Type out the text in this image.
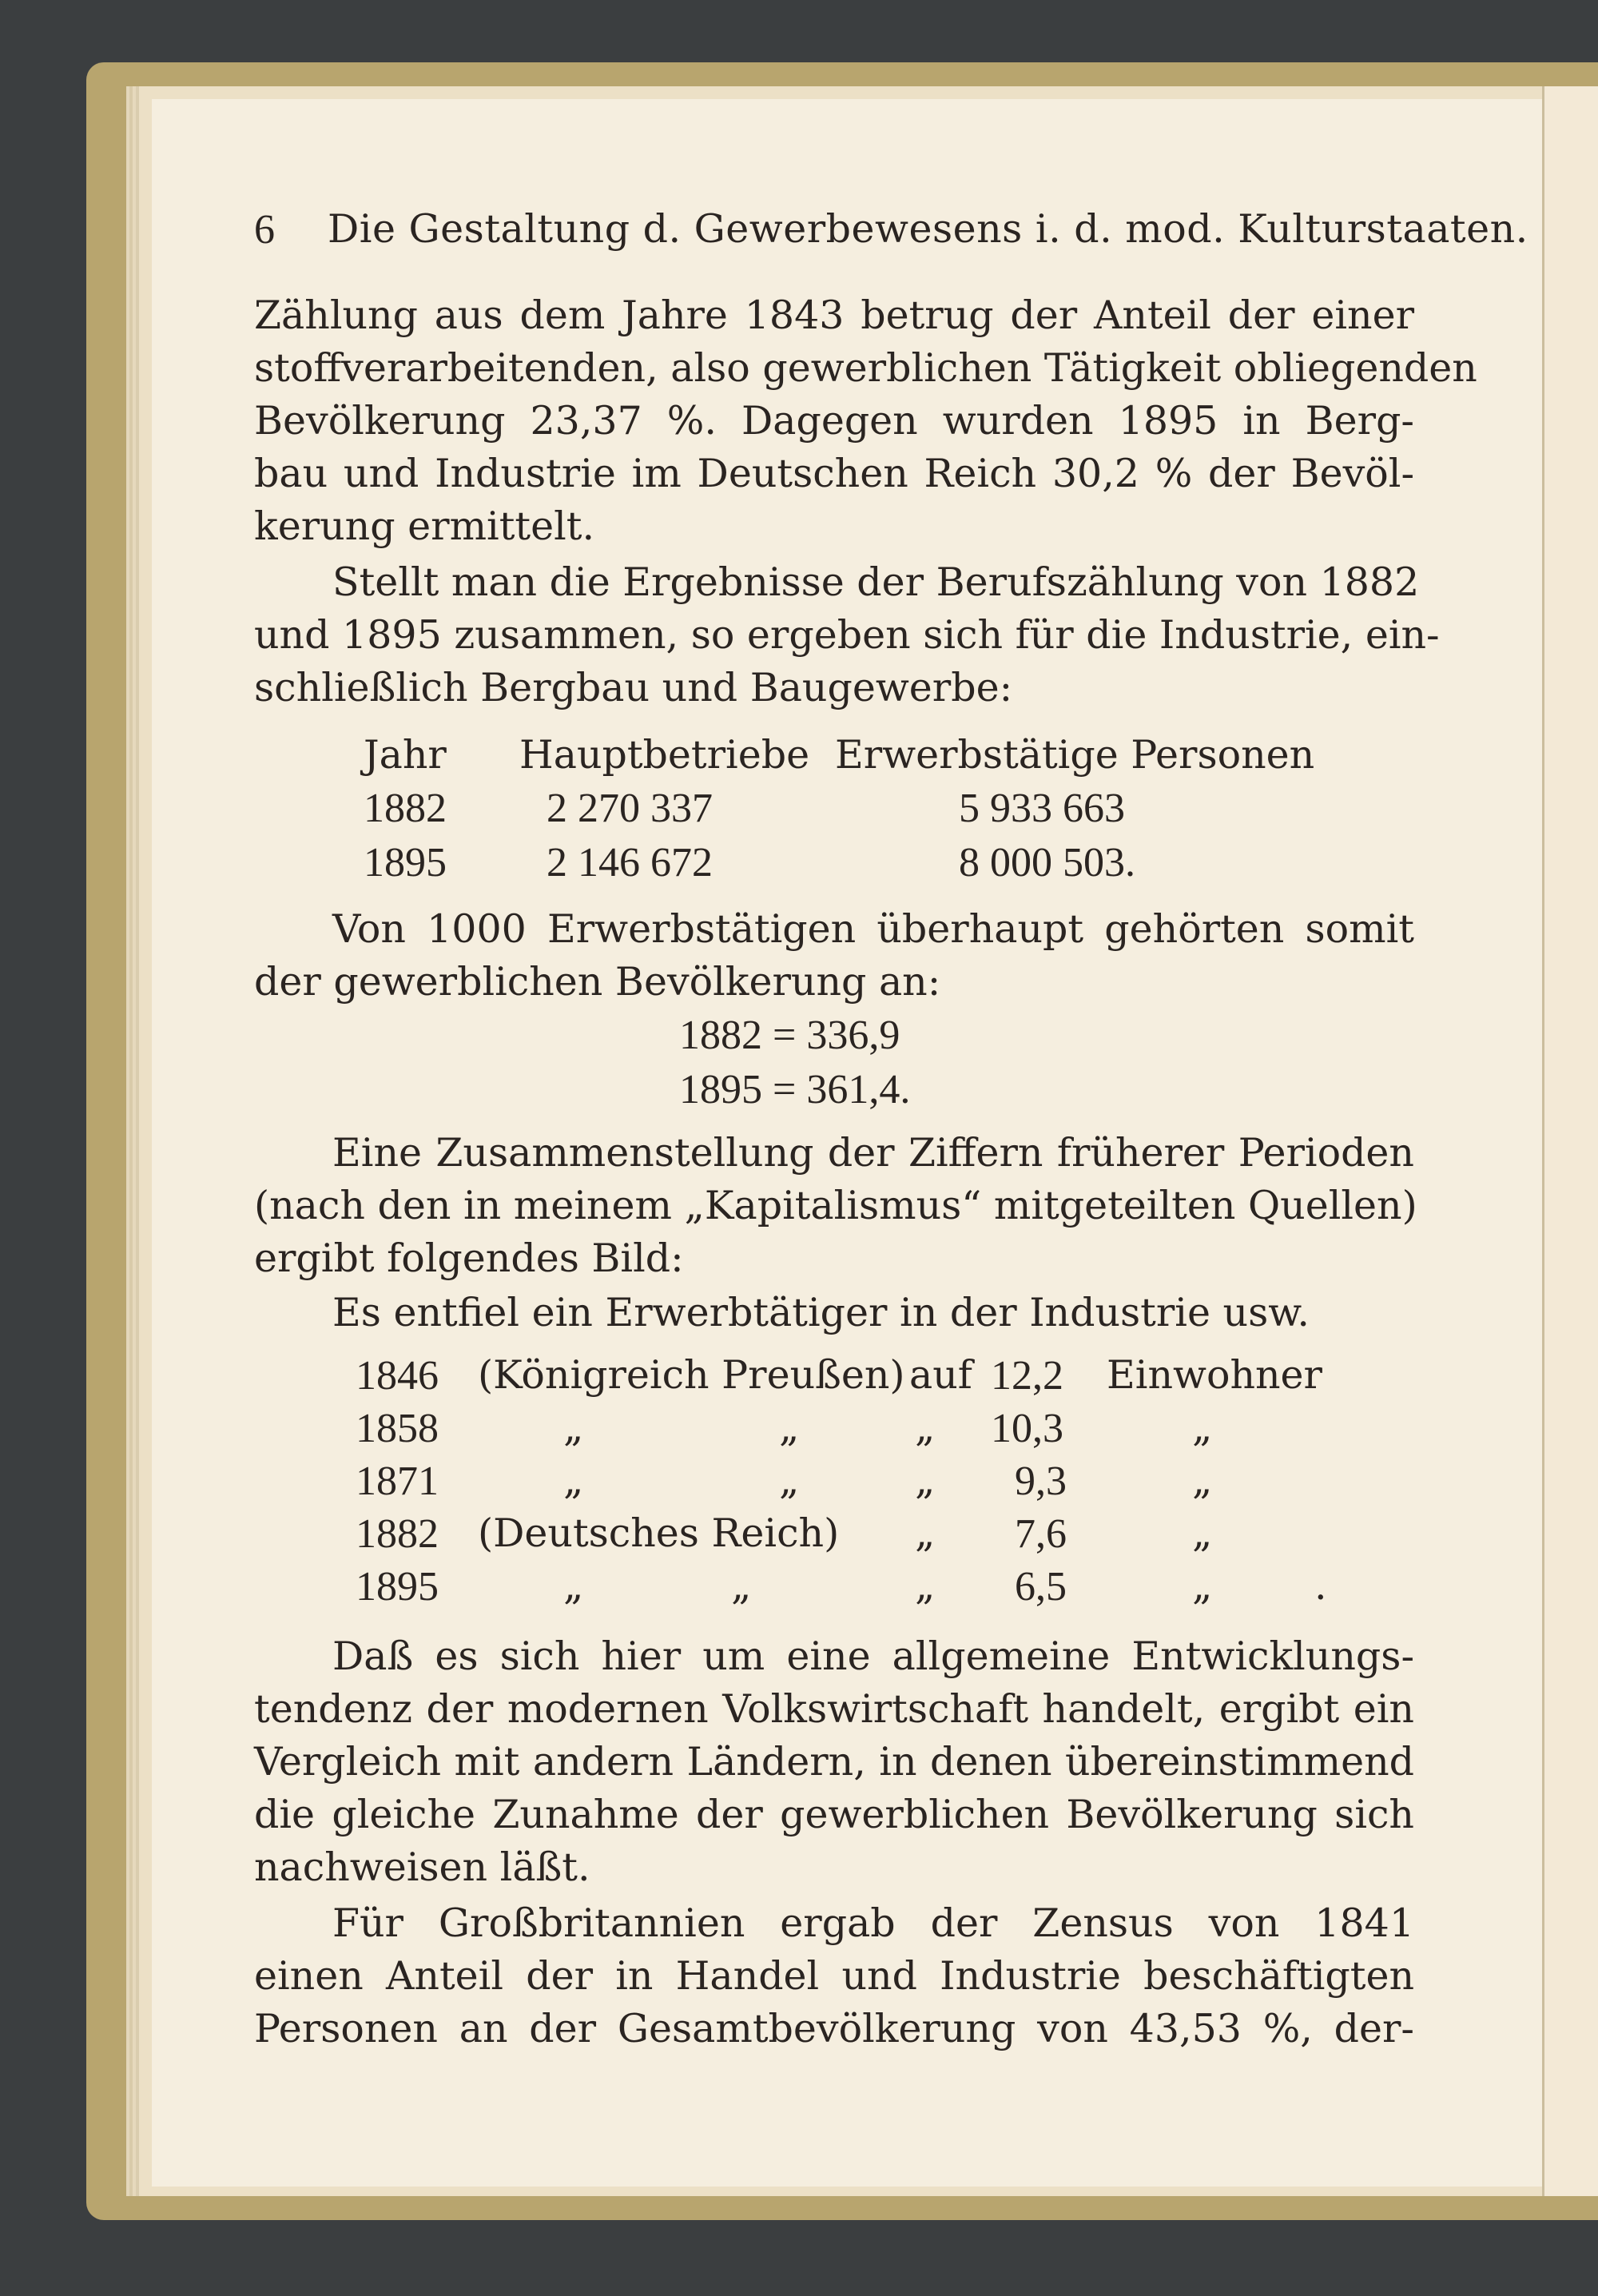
6 Die Gestaltung d. Gewerbewesens i. d. mod. Kulturstaaten.
Zählung aus dem Jahre 1843 betrug der Anteil der einer
stoffverarbeitenden, also gewerblichen Tätigkeit obliegenden
Bevölkerung 23,37 %. Dagegen wurden 1895 in Berg-
bau und Industrie im Deutschen Reich 30,2 % der Bevöl-
kerung ermittelt.
Stellt man die Ergebnisse der Berufszählung von 1882
und 1895 zusammen, so ergeben sich für die Industrie, ein-
schließlich Bergbau und Baugewerbe:
Jahr Hauptbetriebe Erwerbstätige Personen
1882 2 270 337	5 933 663
1895 2 146 672	8 000 503.
Von 1000 Erwerbstätigen überhaupt gehörten somit
der gewerblichen Bevölkerung an:
1882 = 336,9
1895 = 361,4.
Eine Zusammenstellung der Ziffern früherer Perioden
(nach den in meinem „Kapitalismus“ mitgeteilten Quellen)
ergibt folgendes Bild:
Es entfiel ein Erwerbtätiger in der Industrie usw.
1846 (Königreich Preußen) auf 12,2 Einwohner
1858	„	„	„ 10,3	„
1871	„	„	„ 9,3	„
1882 (Deutsches Reich) „ 7,6	„
1895	„	„	„ 6,5	„	.
Daß es sich hier um eine allgemeine Entwicklungs-
tendenz der modernen Volkswirtschaft handelt, ergibt ein
Vergleich mit andern Ländern, in denen übereinstimmend
die gleiche Zunahme der gewerblichen Bevölkerung sich
nachweisen läßt.
Für Großbritannien ergab der Zensus von 1841
einen Anteil der in Handel und Industrie beschäftigten
Personen an der Gesamtbevölkerung von 43,53 %, der-
